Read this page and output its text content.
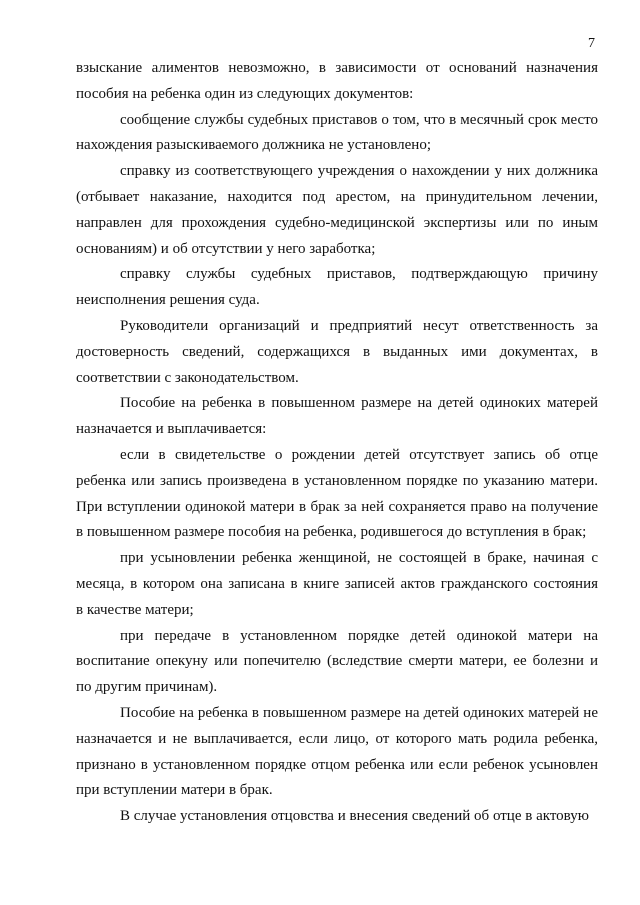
7
взыскание алиментов невозможно, в зависимости от оснований назначения
пособия на ребенка один из следующих документов:
сообщение службы судебных приставов о том, что в месячный срок место
нахождения разыскиваемого должника не установлено;
справку из соответствующего учреждения о нахождении у них должника
(отбывает наказание, находится под арестом, на принудительном лечении,
направлен для прохождения судебно-медицинской экспертизы или по иным
основаниям) и об отсутствии у него заработка;
справку службы судебных приставов, подтверждающую причину
неисполнения решения суда.
Руководители организаций и предприятий несут ответственность за
достоверность сведений, содержащихся в выданных ими документах, в
соответствии с законодательством.
Пособие на ребенка в повышенном размере на детей одиноких матерей
назначается и выплачивается:
если в свидетельстве о рождении детей отсутствует запись об отце
ребенка или запись произведена в установленном порядке по указанию матери.
При вступлении одинокой матери в брак за ней сохраняется право на получение
в повышенном размере пособия на ребенка, родившегося до вступления в брак;
при усыновлении ребенка женщиной, не состоящей в браке, начиная с
месяца, в котором она записана в книге записей актов гражданского состояния
в качестве матери;
при передаче в установленном порядке детей одинокой матери на
воспитание опекуну или попечителю (вследствие смерти матери, ее болезни и
по другим причинам).
Пособие на ребенка в повышенном размере на детей одиноких матерей не
назначается и не выплачивается, если лицо, от которого мать родила ребенка,
признано в установленном порядке отцом ребенка или если ребенок усыновлен
при вступлении матери в брак.
В случае установления отцовства и внесения сведений об отце в актовую
